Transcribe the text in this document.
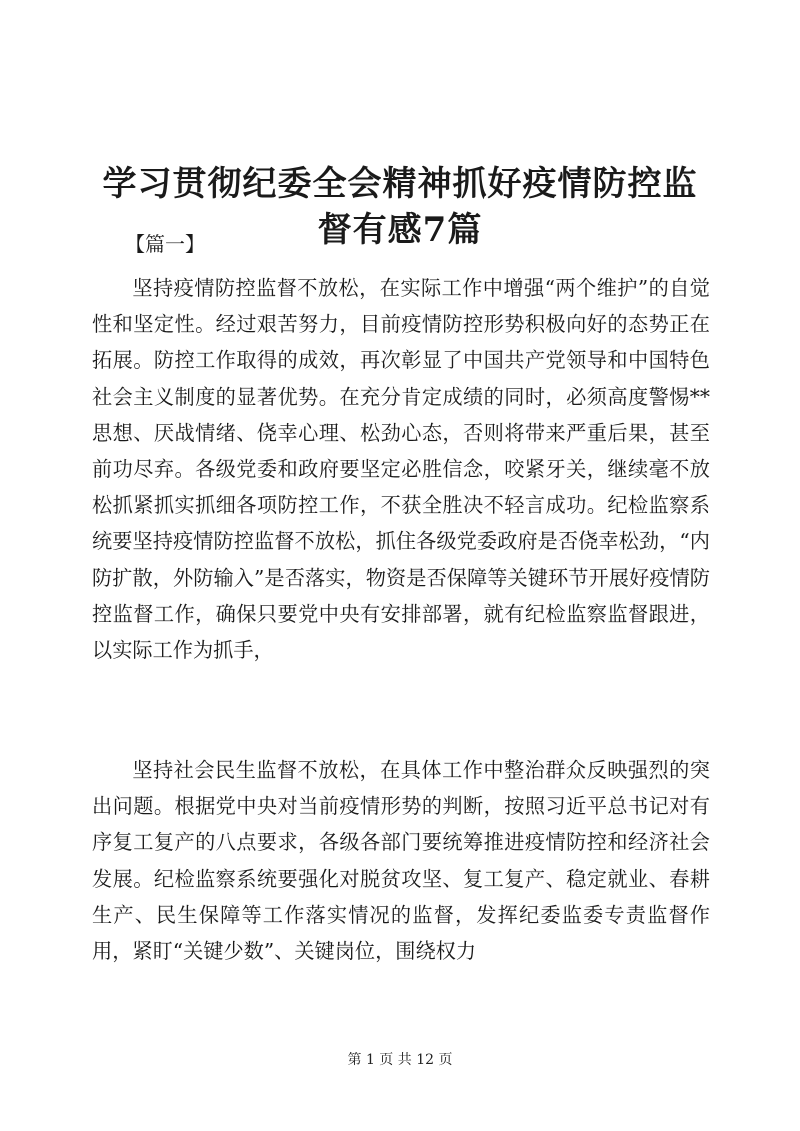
学习贯彻纪委全会精神抓好疫情防控监督有感7篇
【篇一】

坚持疫情防控监督不放松，在实际工作中增强“两个维护”的自觉性和坚定性。经过艰苦努力，目前疫情防控形势积极向好的态势正在拓展。防控工作取得的成效，再次彰显了中国共产党领导和中国特色社会主义制度的显著优势。在充分肯定成绩的同时，必须高度警惕**思想、厌战情绪、侥幸心理、松劲心态，否则将带来严重后果，甚至前功尽弃。各级党委和政府要坚定必胜信念，咬紧牙关，继续毫不放松抓紧抓实抓细各项防控工作，不获全胜决不轻言成功。纪检监察系统要坚持疫情防控监督不放松，抓住各级党委政府是否侥幸松劲，“内防扩散，外防输入”是否落实，物资是否保障等关键环节开展好疫情防控监督工作，确保只要党中央有安排部署，就有纪检监察监督跟进，以实际工作为抓手，

坚持社会民生监督不放松，在具体工作中整治群众反映强烈的突出问题。根据党中央对当前疫情形势的判断，按照习近平总书记对有序复工复产的八点要求，各级各部门要统筹推进疫情防控和经济社会发展。纪检监察系统要强化对脱贫攻坚、复工复产、稳定就业、春耕生产、民生保障等工作落实情况的监督，发挥纪委监委专责监督作用，紧盯“关键少数”、关键岗位，围绕权力

第 1 页 共 12 页
